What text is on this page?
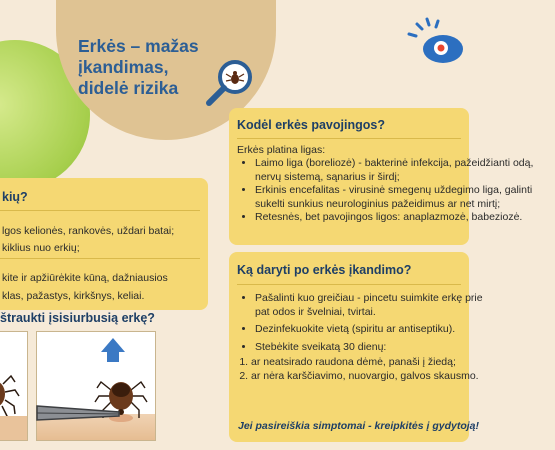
Erkės – mažas įkandimas, didelė rizika
Kodėl erkės pavojingos?
Erkės platina ligas:
• Laimo liga (boreliozė) - bakterinė infekcija, pažeidžianti odą, nervų sistemą, sąnarius ir širdį;
• Erkinis encefalitas - virusinė smegenų uždegimo liga, galinti sukelti sunkius neurologinius pažeidimus ar net mirtį;
• Retesnės, bet pavojingos ligos: anaplazmozė, babeziozė.
kių?
lgos kelionės, rankovės, uždari batai;
kiklius nuo erkių;
kite ir apžiūrėkite kūną, dažniausios
klas, pažastys, kirkšnys, keliai.
štraukti įsisiurbusią erkę?
Ką daryti po erkės įkandimo?
• Pašalinti kuo greičiau - pincetu suimkite erkę prie pat odos ir švelniai, tvirtai.
• Dezinfekuokite vietą (spiritu ar antiseptiku).
• Stebėkite sveikatą 30 dienų:
1. ar neatsirado raudona dėmė, panaši į žiedą;
2. ar nėra karščiavimo, nuovargio, galvos skausmo.
Jei pasireiškia simptomai - kreipkitės į gydytoją!
